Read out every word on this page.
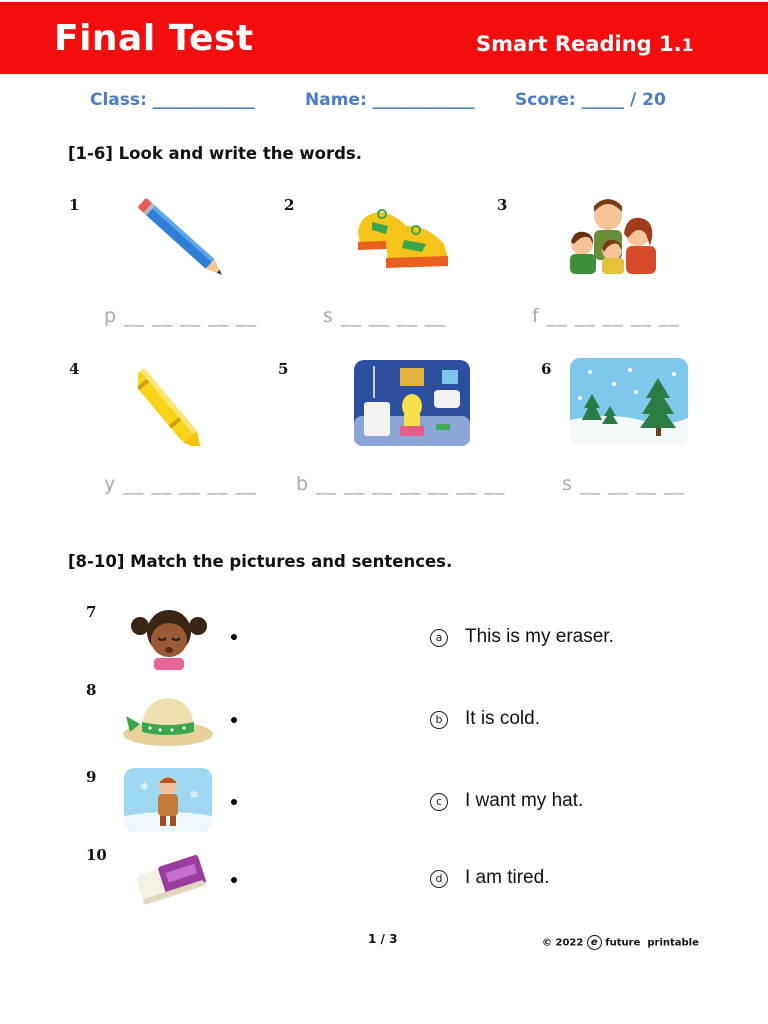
Final Test	Smart Reading 1.1
Class: ____________	Name: ____________ Score: _____ / 20
[1-6] Look and write the words.
1
p __ __ __ __ __
2
s __ __ __ __
3
f __ __ __ __ __
4
y __ __ __ __ __
5
b __ __ __ __ __ __ __
6
s __ __ __ __
[8-10] Match the pictures and sentences.
7
8
9
✻
✻
10
a This is my eraser.
b It is cold.
c	I want my hat.
d I am tired.
1 / 3	© 2022 e future printable
